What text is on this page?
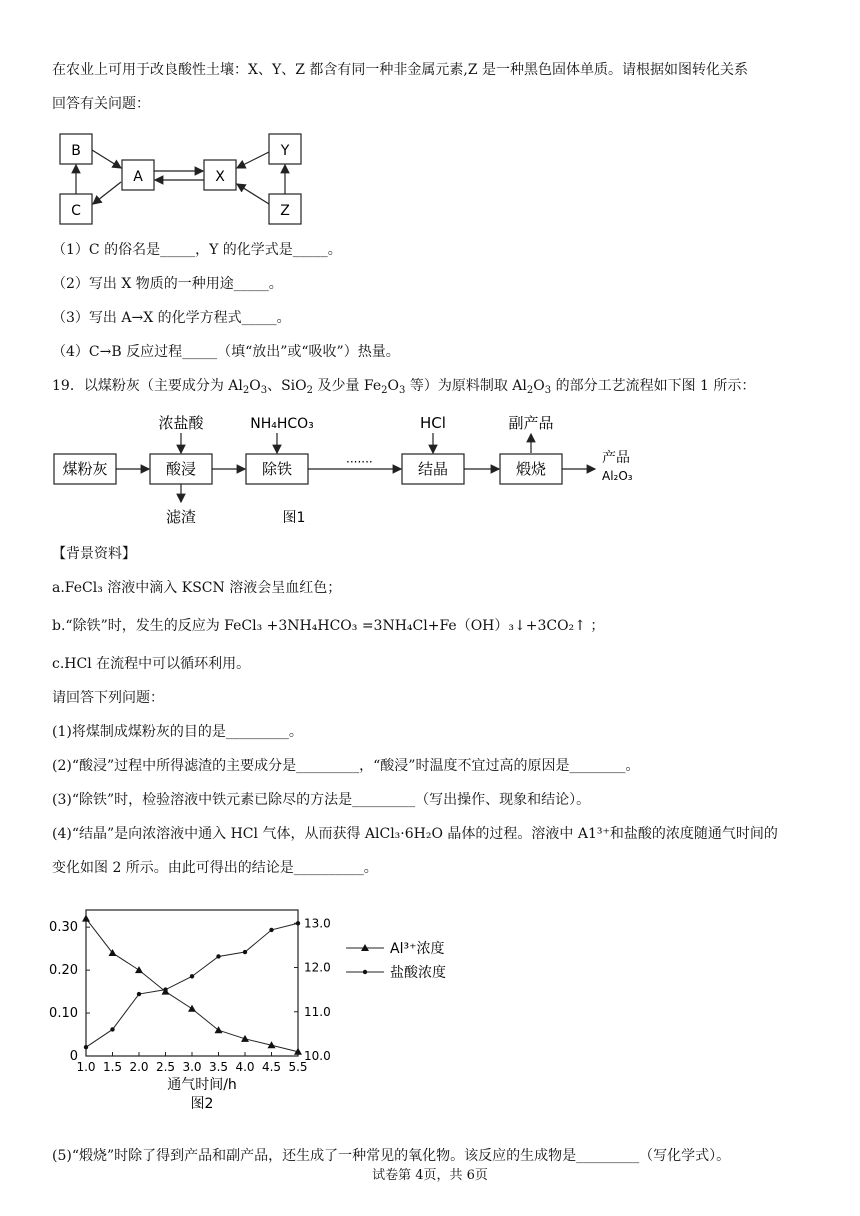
在农业上可用于改良酸性土壤：X、Y、Z 都含有同一种非金属元素,Z 是一种黑色固体单质。请根据如图转化关系
回答有关问题：
B
C
A	X
Y
Z
（1）C 的俗名是_____，Y 的化学式是_____。
（2）写出 X 物质的一种用途_____。
（3）写出 A→X 的化学方程式_____。
（4）C→B 反应过程_____（填“放出”或“吸收”）热量。
19．以煤粉灰（主要成分为 $Al_2O_3$、SiO$_2$ 及少量 $Fe_2O_3$ 等）为原料制取 $Al_2O_3$ 的部分工艺流程如下图 1 所示：
煤粉灰	酸浸	除铁	结晶	煅烧
·······
浓盐酸	NH₄HCO₃	HCl	副产品
滤渣
产品
Al₂O₃
图1
【背景资料】
a.FeCl₃ 溶液中滴入 KSCN 溶液会呈血红色；
b.“除铁”时，发生的反应为 FeCl₃ +3NH₄HCO₃ =3NH₄Cl+Fe（OH）₃↓+3CO₂↑ ；
c.HCl 在流程中可以循环利用。
请回答下列问题：
(1)将煤制成煤粉灰的目的是_________。
(2)“酸浸”过程中所得滤渣的主要成分是_________，“酸浸”时温度不宜过高的原因是________。
(3)“除铁”时，检验溶液中铁元素已除尽的方法是_________（写出操作、现象和结论）。
(4)“结晶”是向浓溶液中通入 HCl 气体，从而获得 AlCl₃·6H₂O 晶体的过程。溶液中 A1³⁺和盐酸的浓度随通气时间的
变化如图 2 所示。由此可得出的结论是__________。
1.0 1.5 2.0 2.5 3.0 3.5 4.0 4.5 5.5
0
0.10
0.20
0.30
10.0
11.0
12.0
13.0
Al³⁺浓度
盐酸浓度
通气时间/h
图2
(5)“煅烧”时除了得到产品和副产品，还生成了一种常见的氧化物。该反应的生成物是_________（写化学式）。
试卷第 4页，共 6页
